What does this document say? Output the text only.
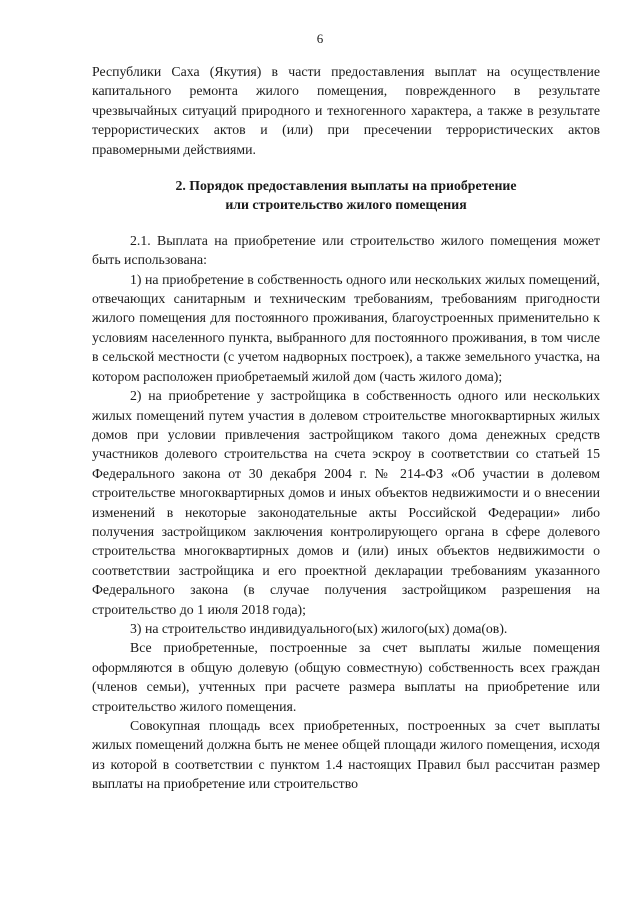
6

Республики Саха (Якутия) в части предоставления выплат на осуществление капитального ремонта жилого помещения, поврежденного в результате чрезвычайных ситуаций природного и техногенного характера, а также в результате террористических актов и (или) при пресечении террористических актов правомерными действиями.

2. Порядок предоставления выплаты на приобретение
или строительство жилого помещения

2.1. Выплата на приобретение или строительство жилого помещения может быть использована:

1) на приобретение в собственность одного или нескольких жилых помещений, отвечающих санитарным и техническим требованиям, требованиям пригодности жилого помещения для постоянного проживания, благоустроенных применительно к условиям населенного пункта, выбранного для постоянного проживания, в том числе в сельской местности (с учетом надворных построек), а также земельного участка, на котором расположен приобретаемый жилой дом (часть жилого дома);

2) на приобретение у застройщика в собственность одного или нескольких жилых помещений путем участия в долевом строительстве многоквартирных жилых домов при условии привлечения застройщиком такого дома денежных средств участников долевого строительства на счета эскроу в соответствии со статьей 15 Федерального закона от 30 декабря 2004 г. № 214-ФЗ «Об участии в долевом строительстве многоквартирных домов и иных объектов недвижимости и о внесении изменений в некоторые законодательные акты Российской Федерации» либо получения застройщиком заключения контролирующего органа в сфере долевого строительства многоквартирных домов и (или) иных объектов недвижимости о соответствии застройщика и его проектной декларации требованиям указанного Федерального закона (в случае получения застройщиком разрешения на строительство до 1 июля 2018 года);

3) на строительство индивидуального(ых) жилого(ых) дома(ов).

Все приобретенные, построенные за счет выплаты жилые помещения оформляются в общую долевую (общую совместную) собственность всех граждан (членов семьи), учтенных при расчете размера выплаты на приобретение или строительство жилого помещения.

Совокупная площадь всех приобретенных, построенных за счет выплаты жилых помещений должна быть не менее общей площади жилого помещения, исходя из которой в соответствии с пунктом 1.4 настоящих Правил был рассчитан размер выплаты на приобретение или строительство
